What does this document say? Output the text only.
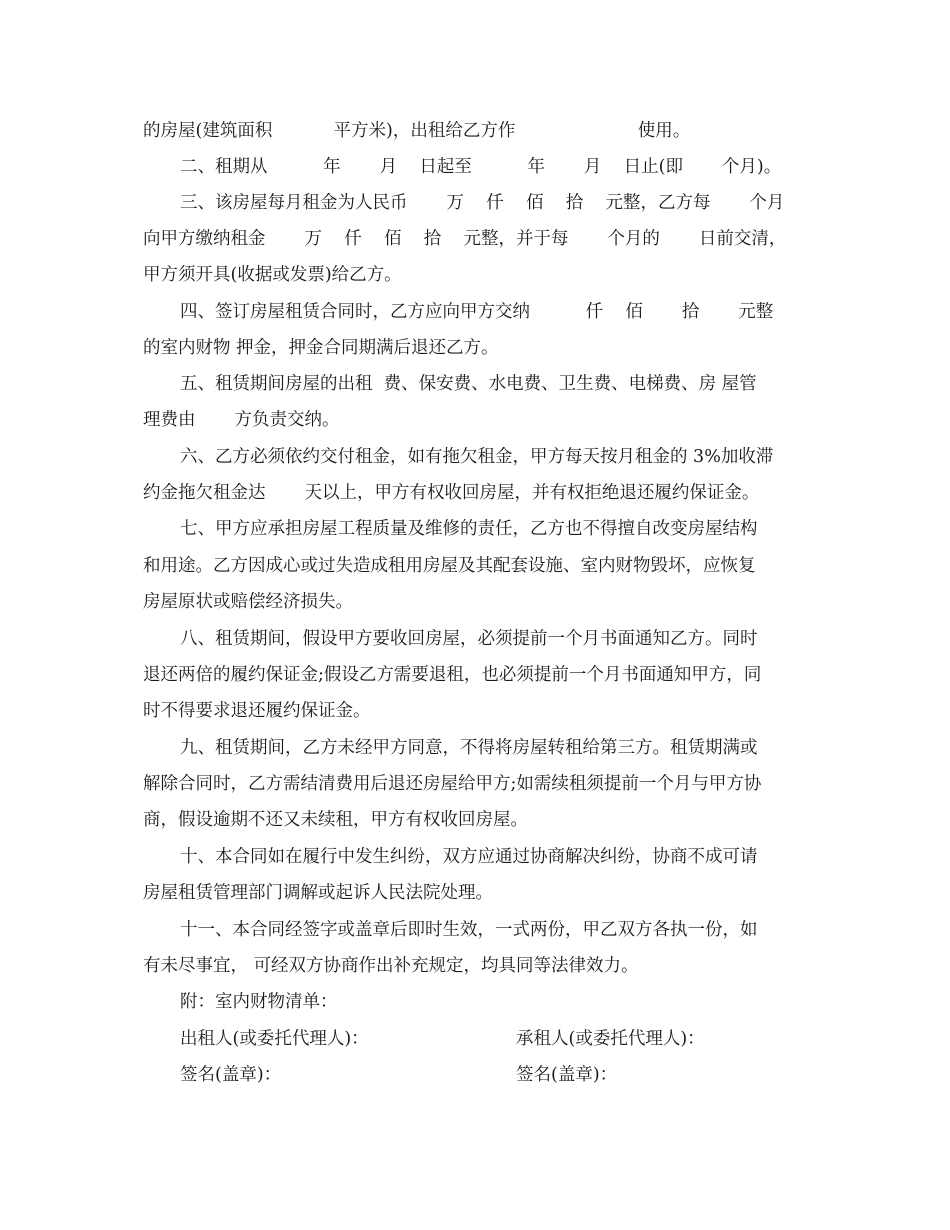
的房屋(建筑面积           平方米)，出租给乙方作                      使用。
二、租期从          年       月    日起至          年       月    日止(即       个月)。
三、该房屋每月租金为人民币       万    仟    佰    拾    元整，乙方每       个月
向甲方缴纳租金       万    仟    佰    拾    元整，并于每       个月的       日前交清，
甲方须开具(收据或发票)给乙方。
四、签订房屋租赁合同时，乙方应向甲方交纳          仟    佰       拾       元整
的室内财物 押金，押金合同期满后退还乙方。
五、租赁期间房屋的出租  费、保安费、水电费、卫生费、电梯费、房 屋管
理费由       方负责交纳。
六、乙方必须依约交付租金，如有拖欠租金，甲方每天按月租金的 3%加收滞
约金拖欠租金达       天以上，甲方有权收回房屋，并有权拒绝退还履约保证金。
七、甲方应承担房屋工程质量及维修的责任，乙方也不得擅自改变房屋结构
和用途。乙方因成心或过失造成租用房屋及其配套设施、室内财物毁坏，应恢复
房屋原状或赔偿经济损失。
八、租赁期间，假设甲方要收回房屋，必须提前一个月书面通知乙方。同时
退还两倍的履约保证金;假设乙方需要退租，也必须提前一个月书面通知甲方，同
时不得要求退还履约保证金。
九、租赁期间，乙方未经甲方同意，不得将房屋转租给第三方。租赁期满或
解除合同时，乙方需结清费用后退还房屋给甲方;如需续租须提前一个月与甲方协
商，假设逾期不还又未续租，甲方有权收回房屋。
十、本合同如在履行中发生纠纷，双方应通过协商解决纠纷，协商不成可请
房屋租赁管理部门调解或起诉人民法院处理。
十一、本合同经签字或盖章后即时生效，一式两份，甲乙双方各执一份，如
有未尽事宜， 可经双方协商作出补充规定，均具同等法律效力。
附：室内财物清单：
出租人(或委托代理人)：	承租人(或委托代理人)：
签名(盖章)：	签名(盖章)：
